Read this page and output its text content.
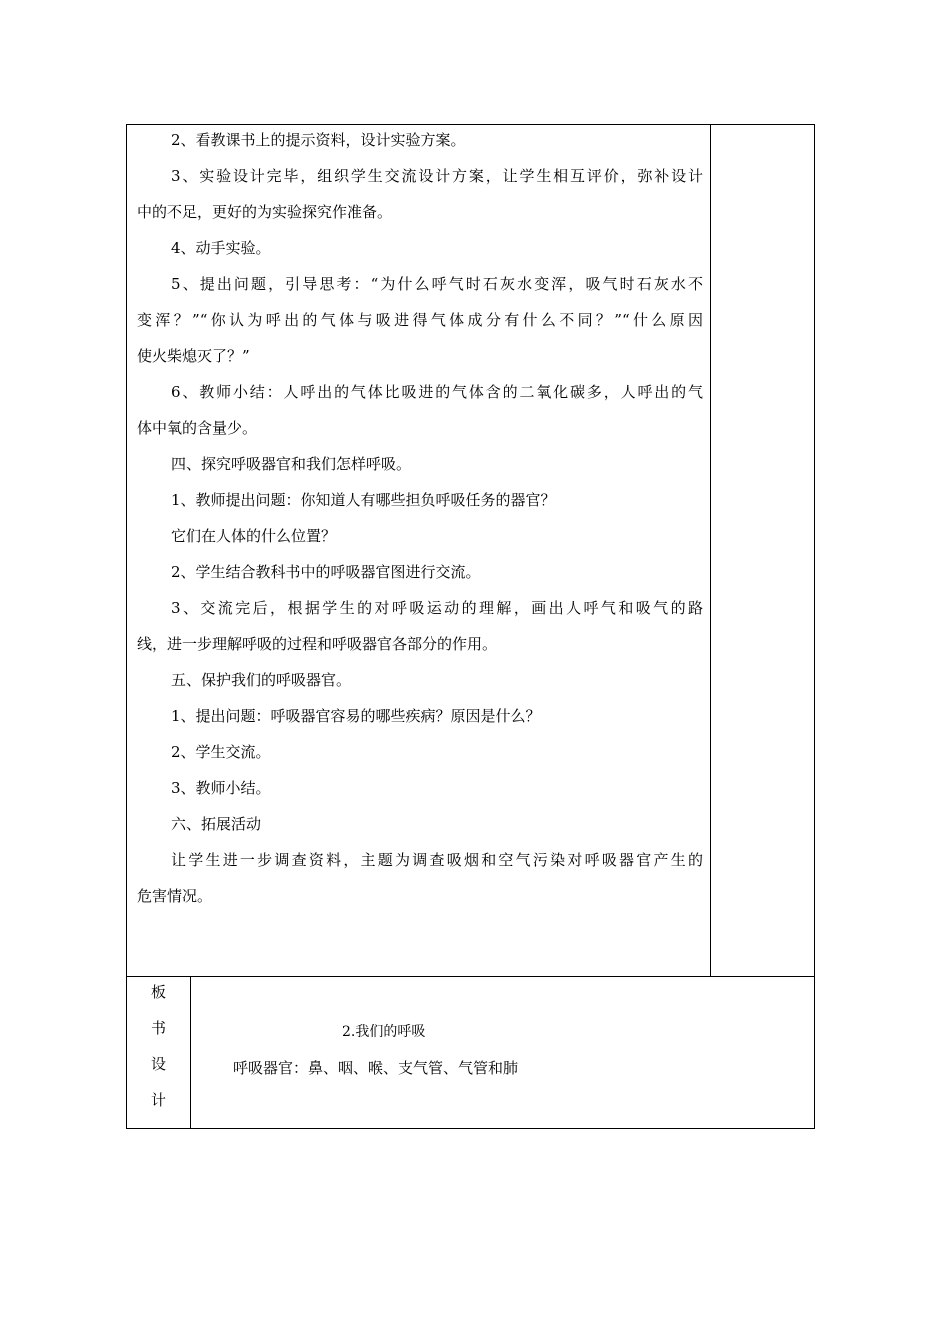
2、看教课书上的提示资料，设计实验方案。
3、实验设计完毕，组织学生交流设计方案，让学生相互评价，弥补设计
中的不足，更好的为实验探究作准备。
4、动手实验。
5、提出问题，引导思考：“为什么呼气时石灰水变浑，吸气时石灰水不
变浑？”“你认为呼出的气体与吸进得气体成分有什么不同？”“什么原因
使火柴熄灭了？”
6、教师小结：人呼出的气体比吸进的气体含的二氧化碳多，人呼出的气
体中氧的含量少。
四、探究呼吸器官和我们怎样呼吸。
1、教师提出问题：你知道人有哪些担负呼吸任务的器官？
它们在人体的什么位置？
2、学生结合教科书中的呼吸器官图进行交流。
3、交流完后，根据学生的对呼吸运动的理解，画出人呼气和吸气的路
线，进一步理解呼吸的过程和呼吸器官各部分的作用。
五、保护我们的呼吸器官。
1、提出问题：呼吸器官容易的哪些疾病？原因是什么？
2、学生交流。
3、教师小结。
六、拓展活动
让学生进一步调查资料，主题为调查吸烟和空气污染对呼吸器官产生的
危害情况。
板
书
设
计
2.我们的呼吸
呼吸器官：鼻、咽、喉、支气管、气管和肺
